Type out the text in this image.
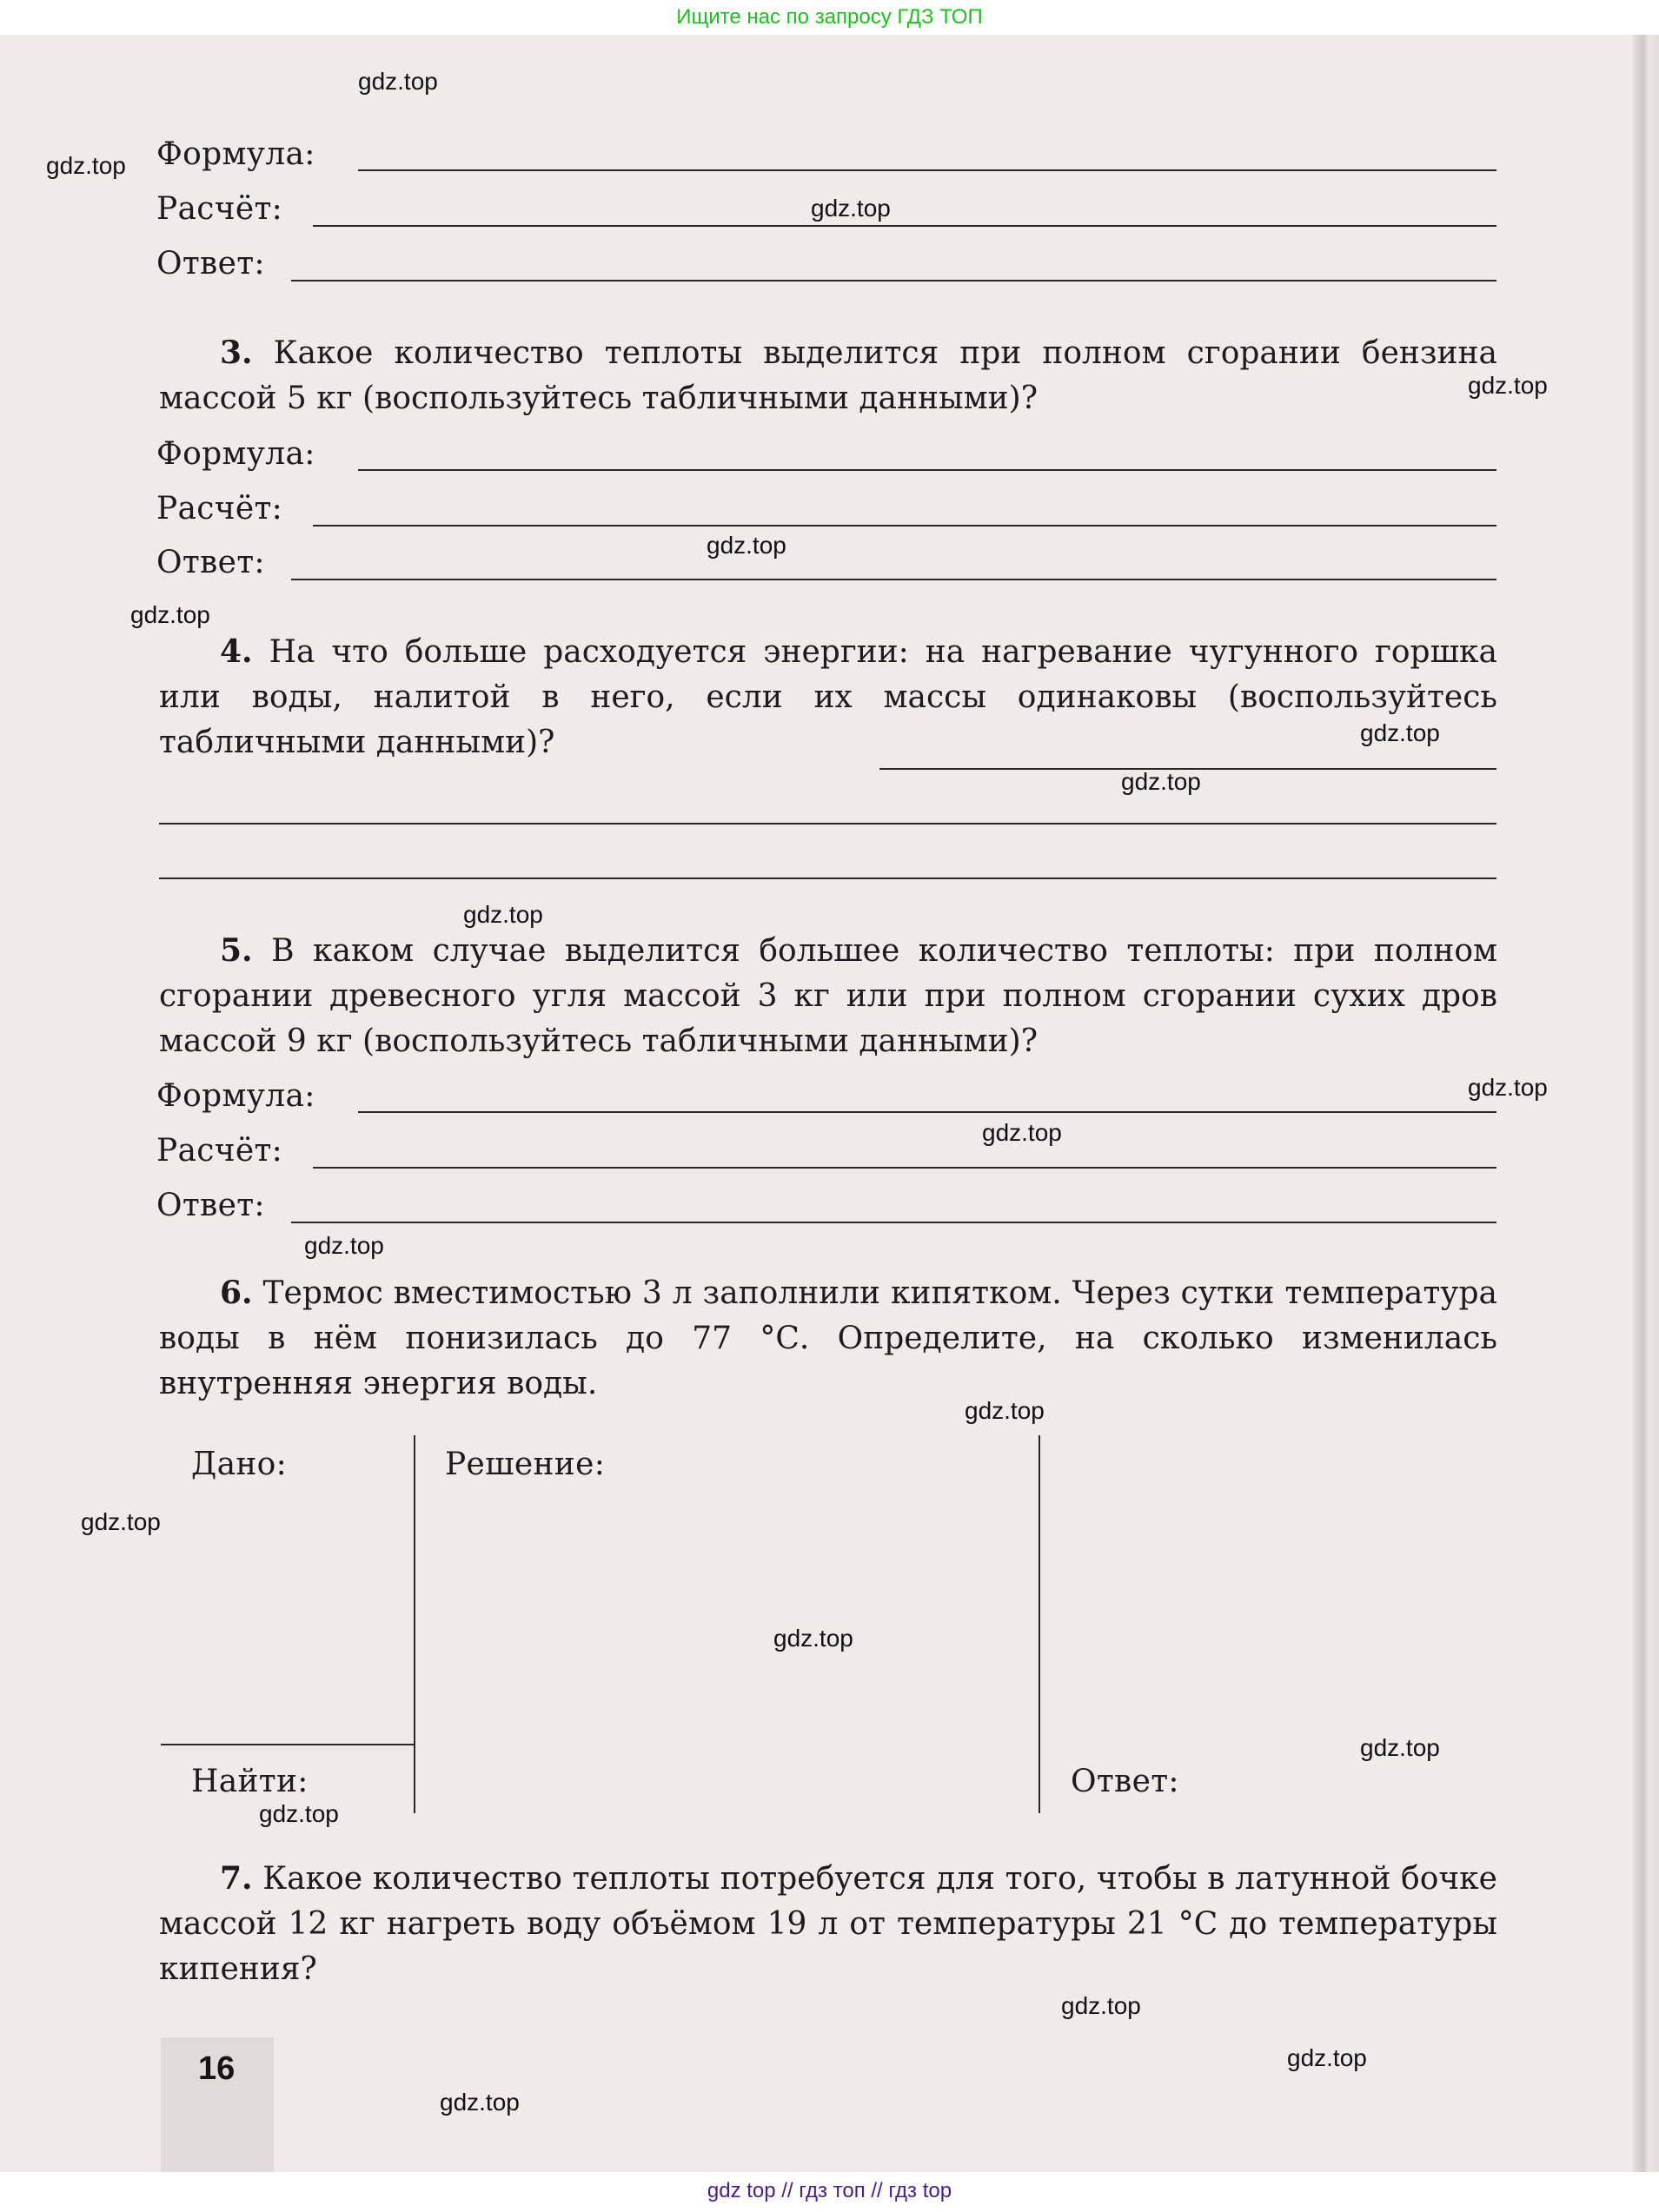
Ищите нас по запросу ГДЗ ТОП
Формула:
Расчёт:
Ответ:
3. Какое количество теплоты выделится при полном сгорании бензина массой 5 кг (воспользуйтесь табличными данными)?
Формула:
Расчёт:
Ответ:
4. На что больше расходуется энергии: на нагревание чугунного горшка или воды, налитой в него, если их массы одинаковы (воспользуйтесь табличными данными)?
5. В каком случае выделится большее количество теплоты: при полном сгорании древесного угля массой 3 кг или при полном сгорании сухих дров массой 9 кг (воспользуйтесь табличными данными)?
Формула:
Расчёт:
Ответ:
6. Термос вместимостью 3 л заполнили кипятком. Через сутки температура воды в нём понизилась до 77 °С. Определите, на сколько изменилась внутренняя энергия воды.
Дано:	Решение:
Найти:	Ответ:
7. Какое количество теплоты потребуется для того, чтобы в латунной бочке массой 12 кг нагреть воду объёмом 19 л от температуры 21 °С до температуры кипения?
16
gdz.top
gdz.top
gdz.top
gdz.top
gdz.top
gdz.top
gdz.top
gdz.top
gdz.top
gdz.top
gdz.top
gdz.top
gdz.top
gdz.top
gdz.top
gdz.top
gdz.top
gdz.top
gdz.top
gdz.top
gdz top // гдз топ // гдз top
